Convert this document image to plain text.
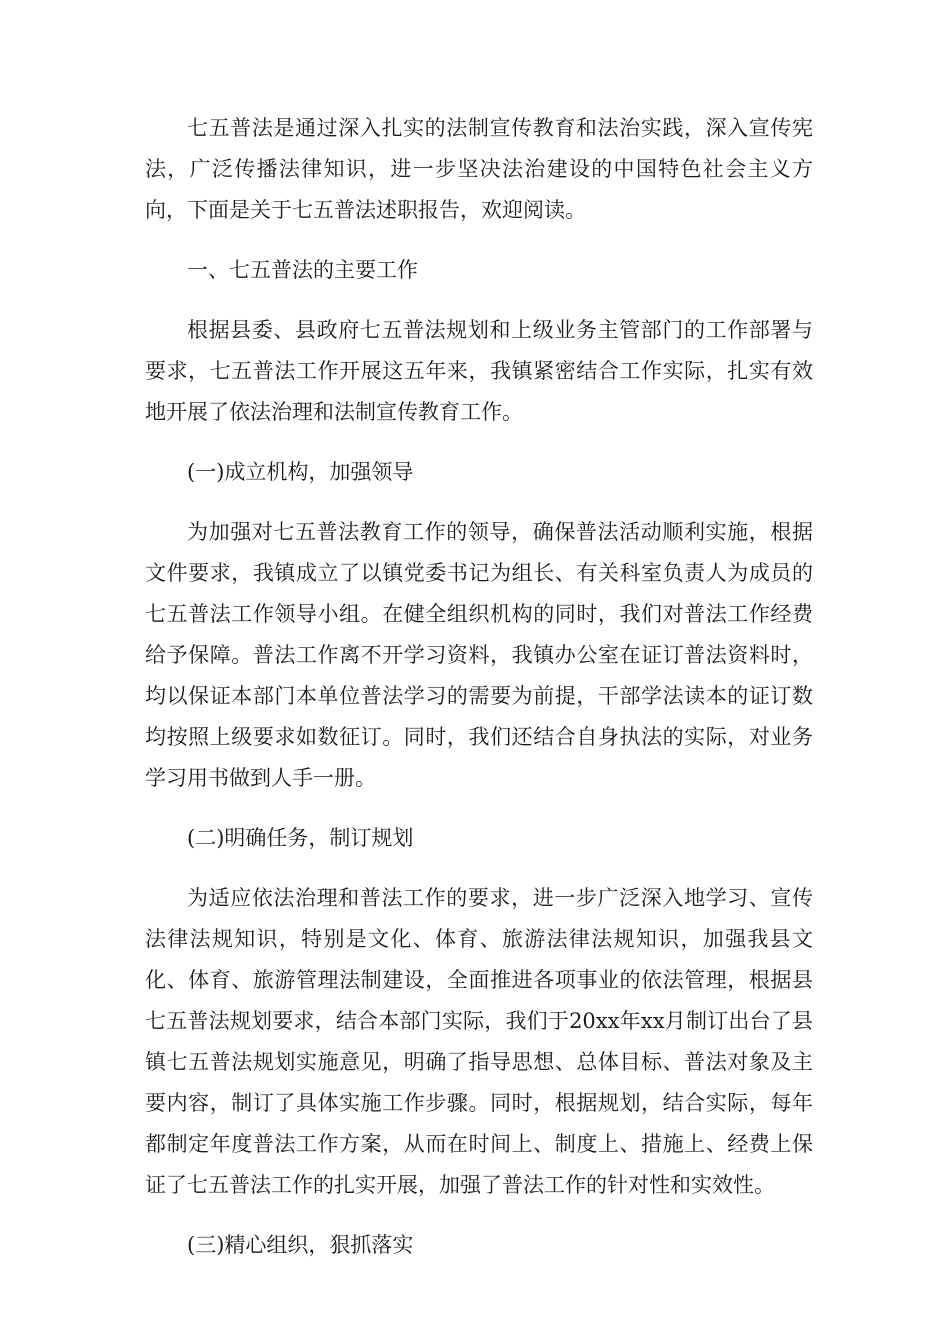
七五普法是通过深入扎实的法制宣传教育和法治实践，深入宣传宪法，广泛传播法律知识，进一步坚决法治建设的中国特色社会主义方向，下面是关于七五普法述职报告，欢迎阅读。

一、七五普法的主要工作

根据县委、县政府七五普法规划和上级业务主管部门的工作部署与要求，七五普法工作开展这五年来，我镇紧密结合工作实际，扎实有效地开展了依法治理和法制宣传教育工作。

(一)成立机构，加强领导

为加强对七五普法教育工作的领导，确保普法活动顺利实施，根据文件要求，我镇成立了以镇党委书记为组长、有关科室负责人为成员的七五普法工作领导小组。在健全组织机构的同时，我们对普法工作经费给予保障。普法工作离不开学习资料，我镇办公室在证订普法资料时，均以保证本部门本单位普法学习的需要为前提，干部学法读本的证订数均按照上级要求如数征订。同时，我们还结合自身执法的实际，对业务学习用书做到人手一册。

(二)明确任务，制订规划

为适应依法治理和普法工作的要求，进一步广泛深入地学习、宣传法律法规知识，特别是文化、体育、旅游法律法规知识，加强我县文化、体育、旅游管理法制建设，全面推进各项事业的依法管理，根据县七五普法规划要求，结合本部门实际，我们于20xx年xx月制订出台了县镇七五普法规划实施意见，明确了指导思想、总体目标、普法对象及主要内容，制订了具体实施工作步骤。同时，根据规划，结合实际，每年都制定年度普法工作方案，从而在时间上、制度上、措施上、经费上保证了七五普法工作的扎实开展，加强了普法工作的针对性和实效性。

(三)精心组织，狠抓落实
